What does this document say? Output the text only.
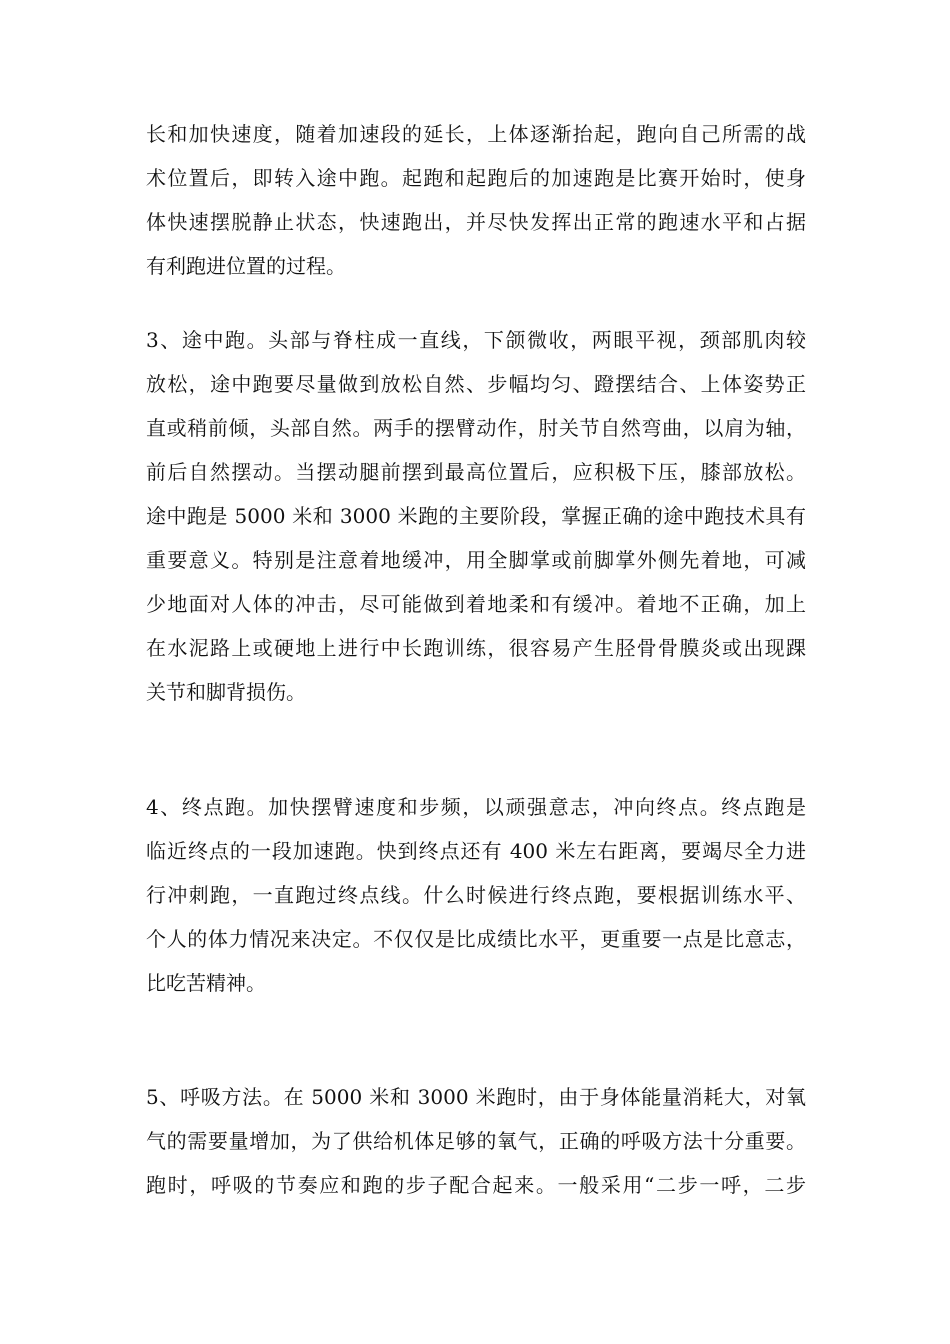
长和加快速度，随着加速段的延长，上体逐渐抬起，跑向自己所需的战
术位置后，即转入途中跑。起跑和起跑后的加速跑是比赛开始时，使身
体快速摆脱静止状态，快速跑出，并尽快发挥出正常的跑速水平和占据
有利跑进位置的过程。
3、途中跑。头部与脊柱成一直线，下颌微收，两眼平视，颈部肌肉较
放松，途中跑要尽量做到放松自然、步幅均匀、蹬摆结合、上体姿势正
直或稍前倾，头部自然。两手的摆臂动作，肘关节自然弯曲，以肩为轴，
前后自然摆动。当摆动腿前摆到最高位置后，应积极下压，膝部放松。
途中跑是 5000 米和 3000 米跑的主要阶段，掌握正确的途中跑技术具有
重要意义。特别是注意着地缓冲，用全脚掌或前脚掌外侧先着地，可减
少地面对人体的冲击，尽可能做到着地柔和有缓冲。着地不正确，加上
在水泥路上或硬地上进行中长跑训练，很容易产生胫骨骨膜炎或出现踝
关节和脚背损伤。
4、终点跑。加快摆臂速度和步频，以顽强意志，冲向终点。终点跑是
临近终点的一段加速跑。快到终点还有 400 米左右距离，要竭尽全力进
行冲刺跑，一直跑过终点线。什么时候进行终点跑，要根据训练水平、
个人的体力情况来决定。不仅仅是比成绩比水平，更重要一点是比意志，
比吃苦精神。
5、呼吸方法。在 5000 米和 3000 米跑时，由于身体能量消耗大，对氧
气的需要量增加，为了供给机体足够的氧气，正确的呼吸方法十分重要。
跑时，呼吸的节奏应和跑的步子配合起来。一般采用“二步一呼，二步
